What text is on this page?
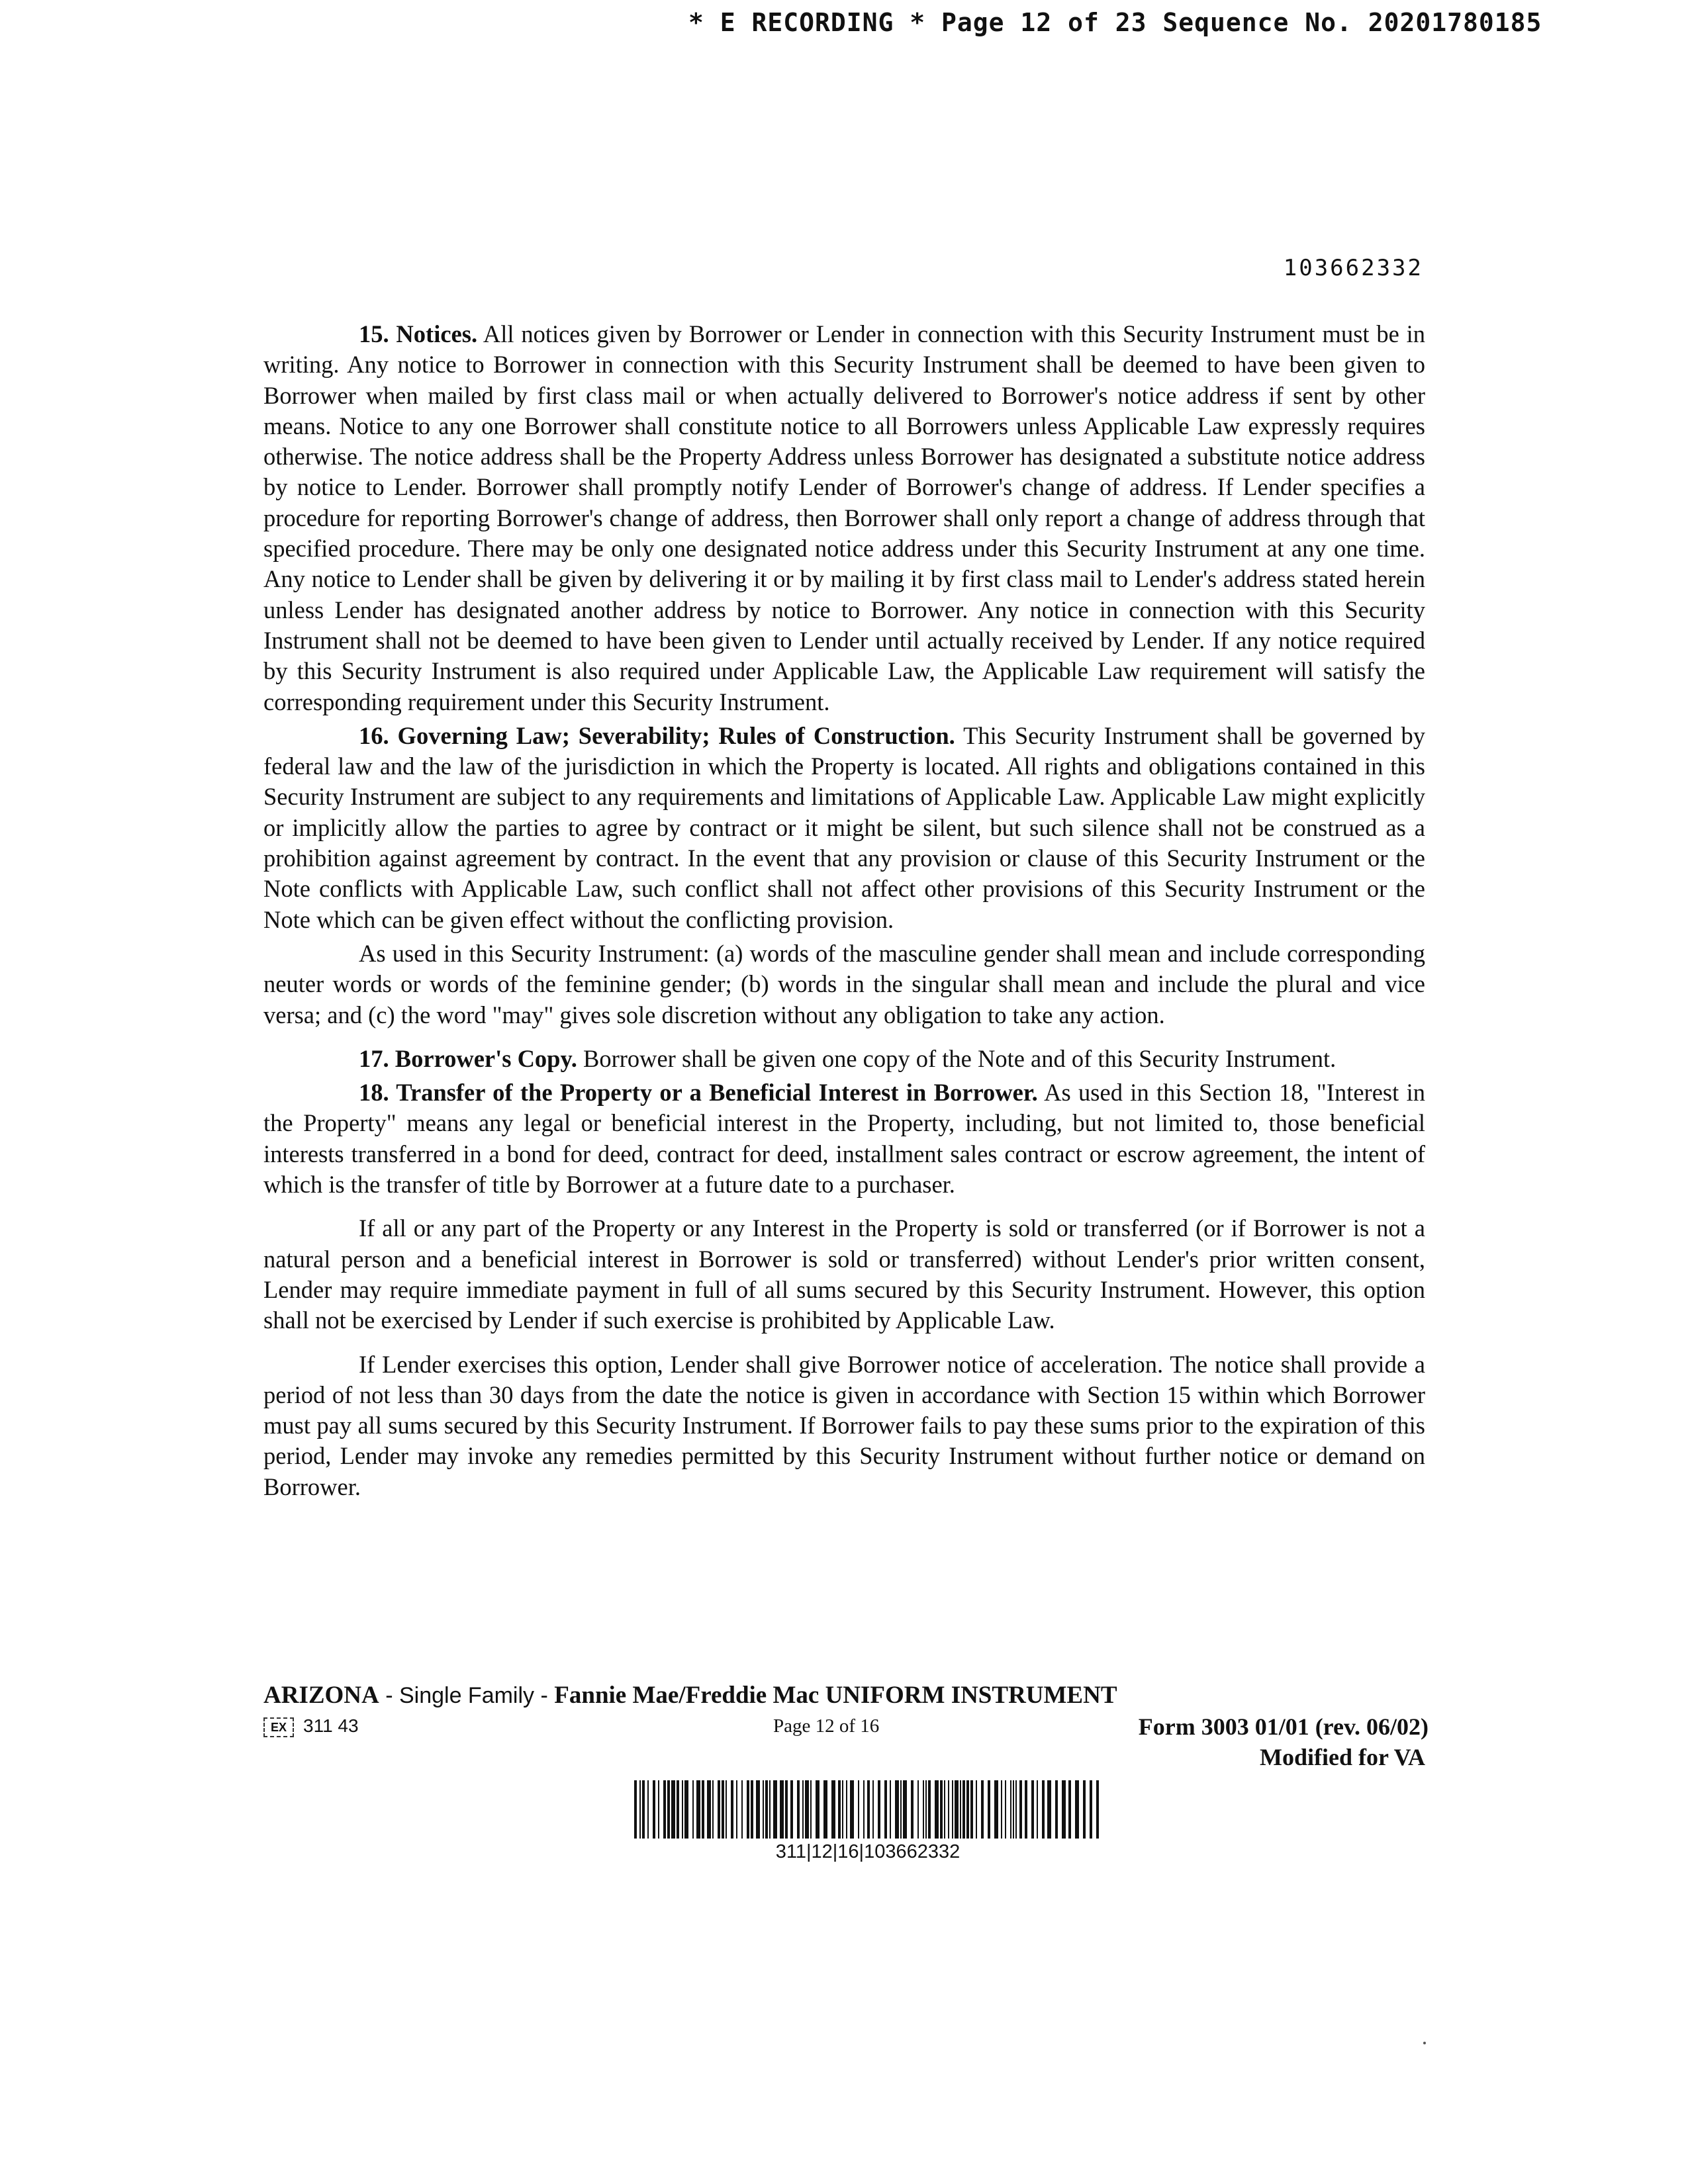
* E RECORDING * Page 12 of 23 Sequence No. 20201780185
103662332

15. Notices. All notices given by Borrower or Lender in connection with this Security Instrument must be in writing. Any notice to Borrower in connection with this Security Instrument shall be deemed to have been given to Borrower when mailed by first class mail or when actually delivered to Borrower's notice address if sent by other means. Notice to any one Borrower shall constitute notice to all Borrowers unless Applicable Law expressly requires otherwise. The notice address shall be the Property Address unless Borrower has designated a substitute notice address by notice to Lender. Borrower shall promptly notify Lender of Borrower's change of address. If Lender specifies a procedure for reporting Borrower's change of address, then Borrower shall only report a change of address through that specified procedure. There may be only one designated notice address under this Security Instrument at any one time. Any notice to Lender shall be given by delivering it or by mailing it by first class mail to Lender's address stated herein unless Lender has designated another address by notice to Borrower. Any notice in connection with this Security Instrument shall not be deemed to have been given to Lender until actually received by Lender. If any notice required by this Security Instrument is also required under Applicable Law, the Applicable Law requirement will satisfy the corresponding requirement under this Security Instrument.

16. Governing Law; Severability; Rules of Construction. This Security Instrument shall be governed by federal law and the law of the jurisdiction in which the Property is located. All rights and obligations contained in this Security Instrument are subject to any requirements and limitations of Applicable Law. Applicable Law might explicitly or implicitly allow the parties to agree by contract or it might be silent, but such silence shall not be construed as a prohibition against agreement by contract. In the event that any provision or clause of this Security Instrument or the Note conflicts with Applicable Law, such conflict shall not affect other provisions of this Security Instrument or the Note which can be given effect without the conflicting provision.

As used in this Security Instrument: (a) words of the masculine gender shall mean and include corresponding neuter words or words of the feminine gender; (b) words in the singular shall mean and include the plural and vice versa; and (c) the word "may" gives sole discretion without any obligation to take any action.

17. Borrower's Copy. Borrower shall be given one copy of the Note and of this Security Instrument.

18. Transfer of the Property or a Beneficial Interest in Borrower. As used in this Section 18, "Interest in the Property" means any legal or beneficial interest in the Property, including, but not limited to, those beneficial interests transferred in a bond for deed, contract for deed, installment sales contract or escrow agreement, the intent of which is the transfer of title by Borrower at a future date to a purchaser.

If all or any part of the Property or any Interest in the Property is sold or transferred (or if Borrower is not a natural person and a beneficial interest in Borrower is sold or transferred) without Lender's prior written consent, Lender may require immediate payment in full of all sums secured by this Security Instrument. However, this option shall not be exercised by Lender if such exercise is prohibited by Applicable Law.

If Lender exercises this option, Lender shall give Borrower notice of acceleration. The notice shall provide a period of not less than 30 days from the date the notice is given in accordance with Section 15 within which Borrower must pay all sums secured by this Security Instrument. If Borrower fails to pay these sums prior to the expiration of this period, Lender may invoke any remedies permitted by this Security Instrument without further notice or demand on Borrower.

ARIZONA - Single Family - Fannie Mae/Freddie Mac UNIFORM INSTRUMENT
EX 311 43	Page 12 of 16	Form 3003 01/01 (rev. 06/02)
Modified for VA
311|12|16|103662332
